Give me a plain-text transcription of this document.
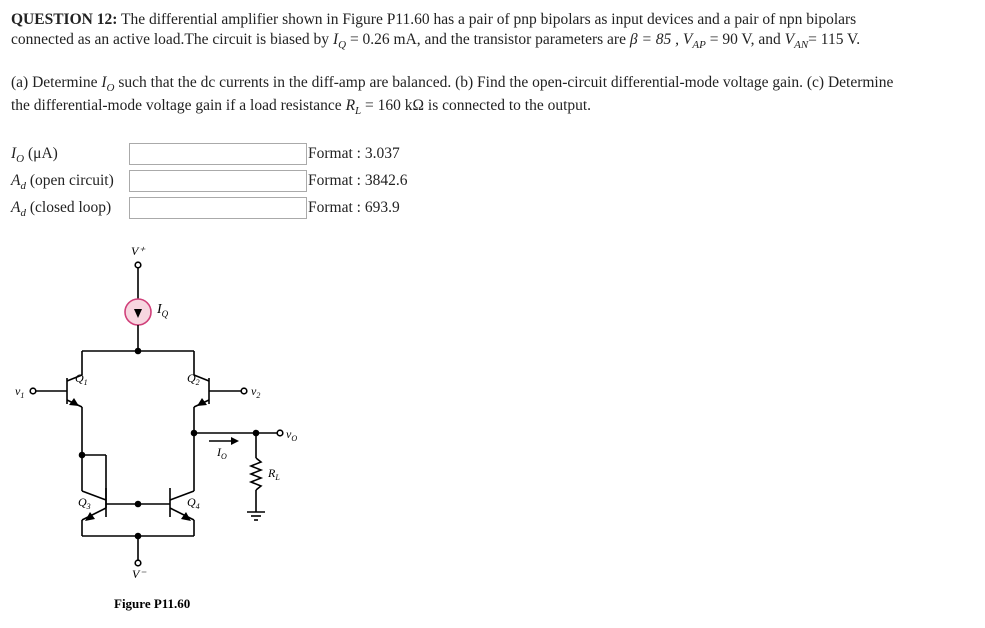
QUESTION 12: The differential amplifier shown in Figure P11.60 has a pair of pnp bipolars as input devices and a pair of npn bipolars
connected as an active load.The circuit is biased by $I_Q = 0.26$ mA, and the transistor parameters are β = 85 , $V_{AP} = 90$ V, and $V_{AN}= 115$ V.
(a) Determine $I_O$ such that the dc currents in the diff-amp are balanced. (b) Find the open-circuit differential-mode voltage gain. (c) Determine
the differential-mode voltage gain if a load resistance $R_L = 160$ kΩ is connected to the output.
$I_O$ (μA)	Format : 3.037
$A_d$ (open circuit)	Format : 3842.6
$A_d$ (closed loop)	Format : 693.9
V⁺
$I_Q$
$Q_1$	$Q_2$
$Q_3$	$Q_4$
$v_1$	$v_2$
$v_O$
$I_O$
$R_L$
V⁻
Figure P11.60
